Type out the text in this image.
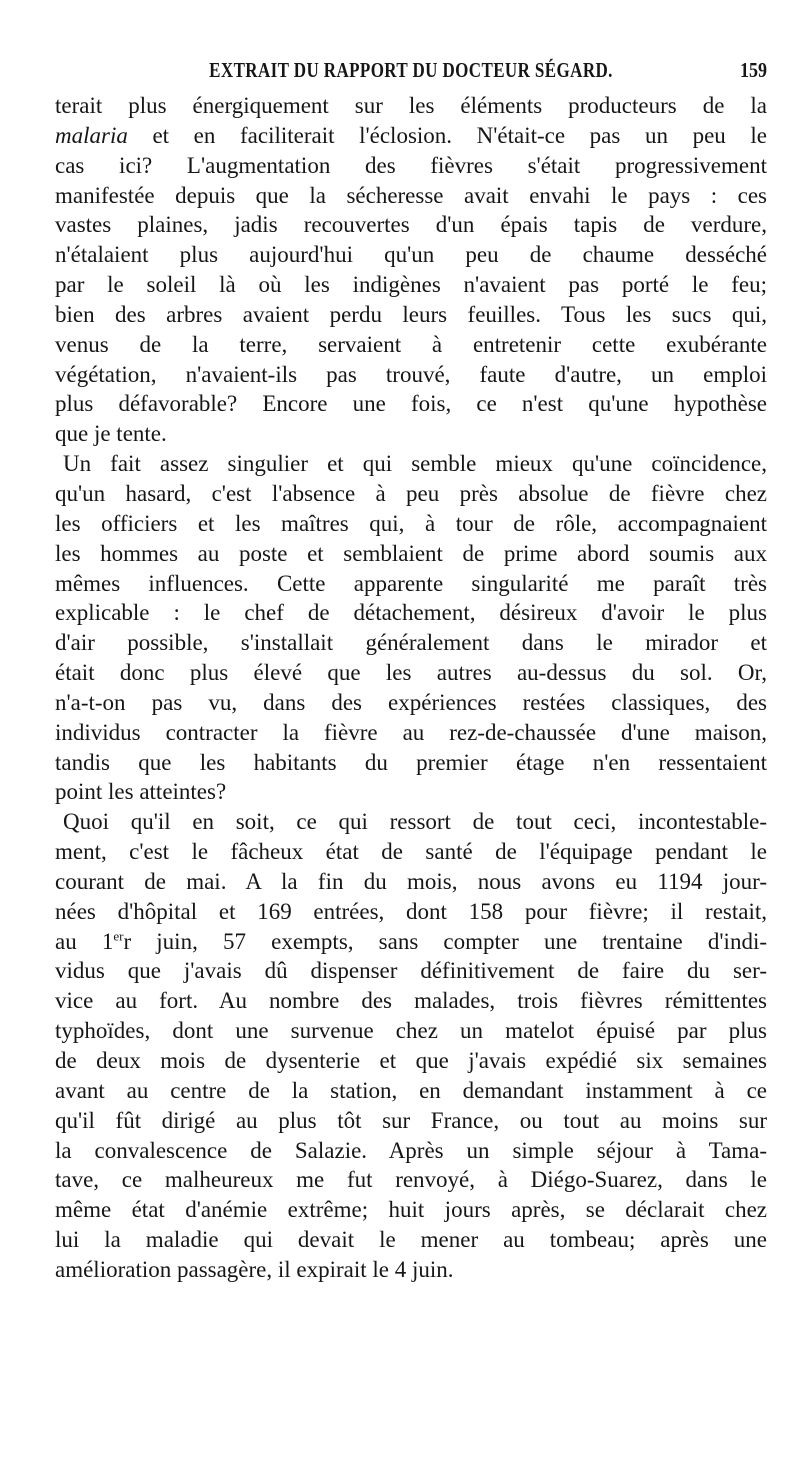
EXTRAIT DU RAPPORT DU DOCTEUR SÉGARD.	159
terait plus énergiquement sur les éléments producteurs de la
malaria et en faciliterait l'éclosion. N'était-ce pas un peu le
cas ici? L'augmentation des fièvres s'était progressivement
manifestée depuis que la sécheresse avait envahi le pays : ces
vastes plaines, jadis recouvertes d'un épais tapis de verdure,
n'étalaient plus aujourd'hui qu'un peu de chaume desséché
par le soleil là où les indigènes n'avaient pas porté le feu;
bien des arbres avaient perdu leurs feuilles. Tous les sucs qui,
venus de la terre, servaient à entretenir cette exubérante
végétation, n'avaient-ils pas trouvé, faute d'autre, un emploi
plus défavorable? Encore une fois, ce n'est qu'une hypothèse
que je tente.
Un fait assez singulier et qui semble mieux qu'une coïncidence,
qu'un hasard, c'est l'absence à peu près absolue de fièvre chez
les officiers et les maîtres qui, à tour de rôle, accompagnaient
les hommes au poste et semblaient de prime abord soumis aux
mêmes influences. Cette apparente singularité me paraît très
explicable : le chef de détachement, désireux d'avoir le plus
d'air possible, s'installait généralement dans le mirador et
était donc plus élevé que les autres au-dessus du sol. Or,
n'a-t-on pas vu, dans des expériences restées classiques, des
individus contracter la fièvre au rez-de-chaussée d'une maison,
tandis que les habitants du premier étage n'en ressentaient
point les atteintes?
Quoi qu'il en soit, ce qui ressort de tout ceci, incontestable-
ment, c'est le fâcheux état de santé de l'équipage pendant le
courant de mai. A la fin du mois, nous avons eu 1194 jour-
nées d'hôpital et 169 entrées, dont 158 pour fièvre; il restait,
au 1err juin, 57 exempts, sans compter une trentaine d'indi-
vidus que j'avais dû dispenser définitivement de faire du ser-
vice au fort. Au nombre des malades, trois fièvres rémittentes
typhoïdes, dont une survenue chez un matelot épuisé par plus
de deux mois de dysenterie et que j'avais expédié six semaines
avant au centre de la station, en demandant instamment à ce
qu'il fût dirigé au plus tôt sur France, ou tout au moins sur
la convalescence de Salazie. Après un simple séjour à Tama-
tave, ce malheureux me fut renvoyé, à Diégo-Suarez, dans le
même état d'anémie extrême; huit jours après, se déclarait chez
lui la maladie qui devait le mener au tombeau; après une
amélioration passagère, il expirait le 4 juin.
